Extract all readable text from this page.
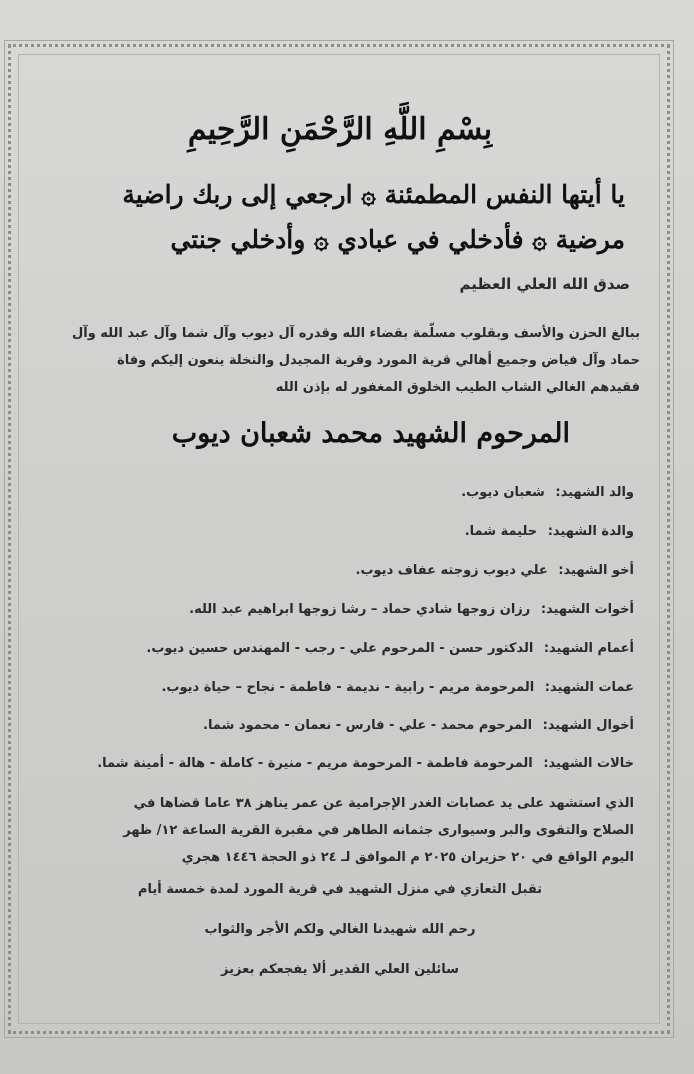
بِسْمِ اللَّهِ الرَّحْمَنِ الرَّحِيمِ
يا أيتها النفس المطمئنة ۞ ارجعي إلى ربك راضية
مرضية ۞ فأدخلي في عبادي ۞ وأدخلي جنتي
صدق الله العلي العظيم
ببالغ الحزن والأسف وبقلوب مسلّمة بقضاء الله وقدره آل ديوب وآل شما وآل عبد الله وآل
حماد وآل فياض وجميع أهالي قرية المورد وقرية المجيدل والنخلة ينعون إليكم وفاة
فقيدهم الغالي الشاب الطيب الخلوق المغفور له بإذن الله
المرحوم الشهيد محمد شعبان ديوب
والد الشهيد: شعبان ديوب.
والدة الشهيد: حليمة شما.
أخو الشهيد: علي ديوب زوجته عفاف ديوب.
أخوات الشهيد: رزان زوجها شادي حماد – رشا زوجها ابراهيم عبد الله.
أعمام الشهيد: الدكتور حسن - المرحوم علي - رجب - المهندس حسين ديوب.
عمات الشهيد: المرحومة مريم - رابية - نديمة - فاطمة - نجاح – حياة ديوب.
أخوال الشهيد: المرحوم محمد - علي - فارس - نعمان - محمود شما.
خالات الشهيد: المرحومة فاطمة - المرحومة مريم - منيرة - كاملة - هالة - أمينة شما.
الذي استشهد على يد عصابات الغدر الإجرامية عن عمر يناهز ٣٨ عاما قضاها في
الصلاح والتقوى والبر وسيوارى جثمانه الطاهر في مقبرة القرية الساعة ١٢/ ظهر
اليوم الواقع في ٢٠ حزيران ٢٠٢٥ م الموافق لـ ٢٤ ذو الحجة ١٤٤٦ هجري
تقبل التعازي في منزل الشهيد في قرية المورد لمدة خمسة أيام
رحم الله شهيدنا الغالي ولكم الأجر والثواب
سائلين العلي القدير ألا يفجعكم بعزيز
